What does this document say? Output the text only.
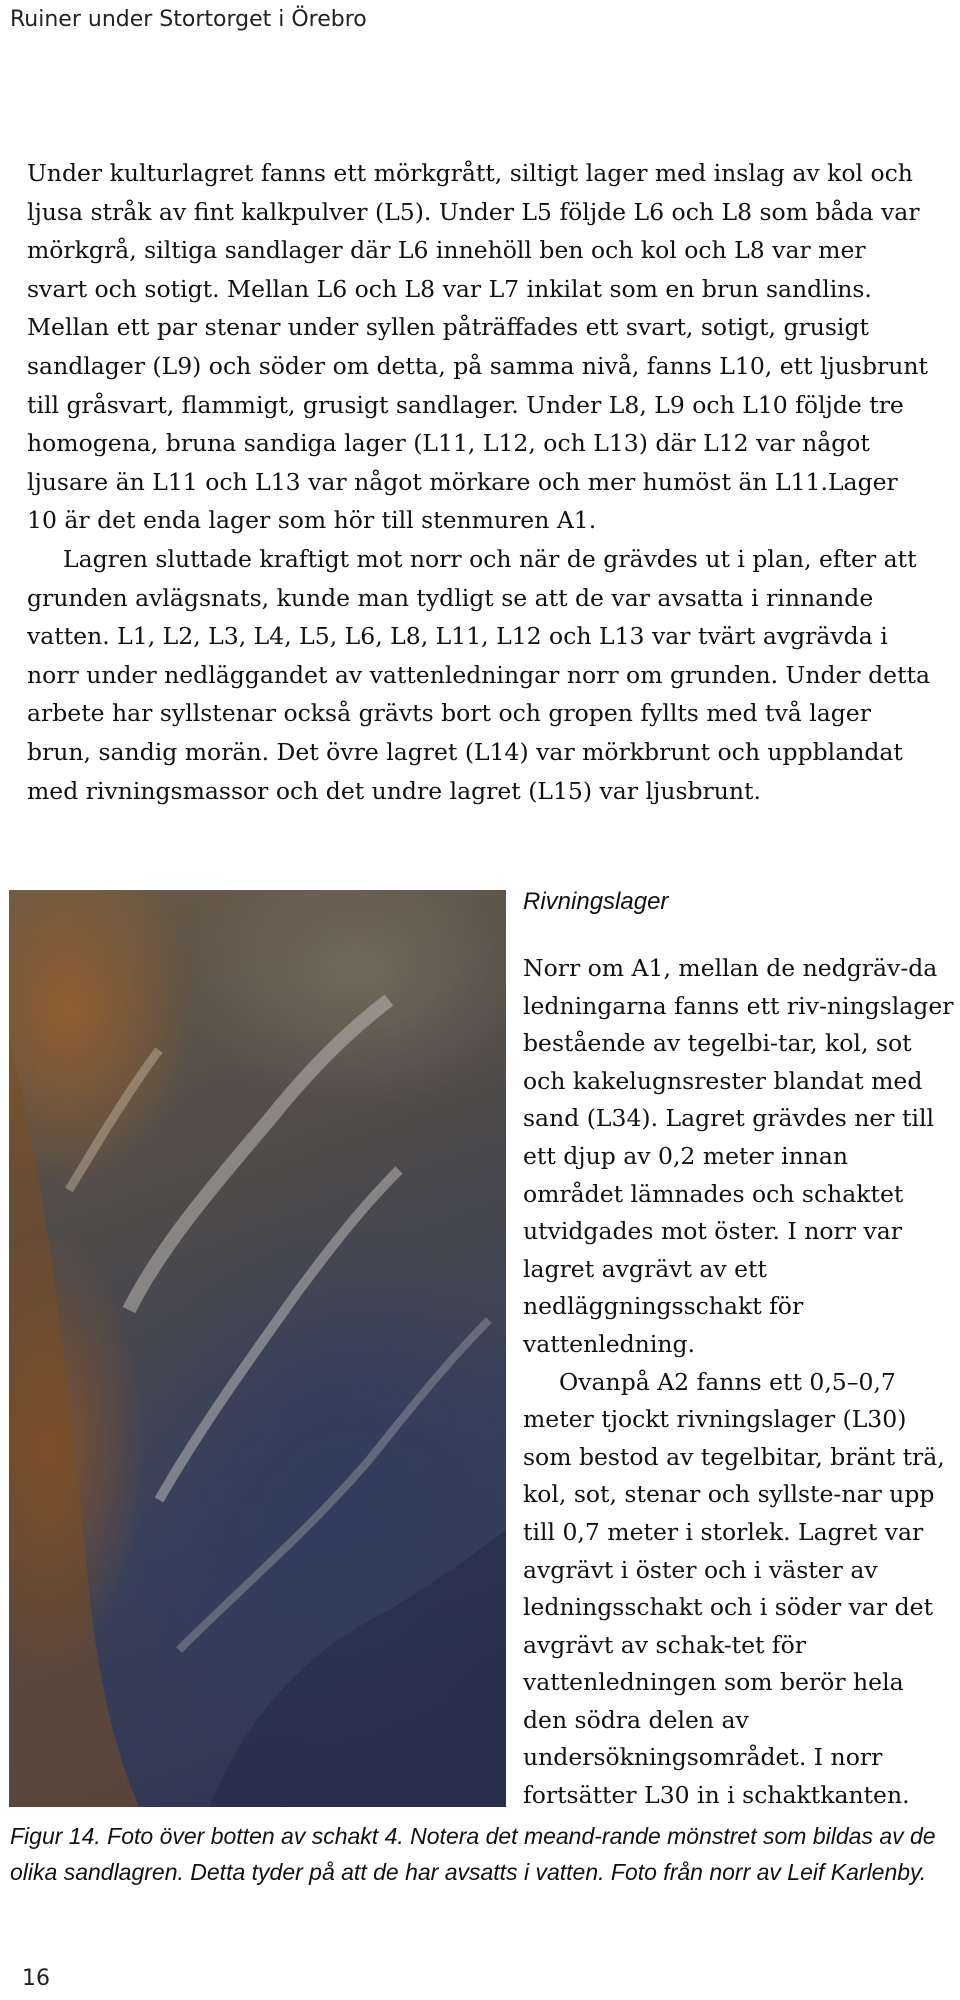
Ruiner under Stortorget i Örebro

Under kulturlagret fanns ett mörkgrått, siltigt lager med inslag av kol och ljusa stråk av fint kalkpulver (L5). Under L5 följde L6 och L8 som båda var mörkgrå, siltiga sandlager där L6 innehöll ben och kol och L8 var mer svart och sotigt. Mellan L6 och L8 var L7 inkilat som en brun sandlins. Mellan ett par stenar under syllen påträffades ett svart, sotigt, grusigt sandlager (L9) och söder om detta, på samma nivå, fanns L10, ett ljusbrunt till gråsvart, flammigt, grusigt sandlager. Under L8, L9 och L10 följde tre homogena, bruna sandiga lager (L11, L12, och L13) där L12 var något ljusare än L11 och L13 var något mörkare och mer humöst än L11.Lager 10 är det enda lager som hör till stenmuren A1.

Lagren sluttade kraftigt mot norr och när de grävdes ut i plan, efter att grunden avlägsnats, kunde man tydligt se att de var avsatta i rinnande vatten. L1, L2, L3, L4, L5, L6, L8, L11, L12 och L13 var tvärt avgrävda i norr under nedläggandet av vattenledningar norr om grunden. Under detta arbete har syllstenar också grävts bort och gropen fyllts med två lager brun, sandig morän. Det övre lagret (L14) var mörkbrunt och uppblandat med rivningsmassor och det undre lagret (L15) var ljusbrunt.

Rivningslager

Norr om A1, mellan de nedgräv-da ledningarna fanns ett riv-ningslager bestående av tegelbi-tar, kol, sot och kakelugnsrester blandat med sand (L34). Lagret grävdes ner till ett djup av 0,2 meter innan området lämnades och schaktet utvidgades mot öster. I norr var lagret avgrävt av ett nedläggningsschakt för vattenledning.

Ovanpå A2 fanns ett 0,5–0,7 meter tjockt rivningslager (L30) som bestod av tegelbitar, bränt trä, kol, sot, stenar och syllste-nar upp till 0,7 meter i storlek. Lagret var avgrävt i öster och i väster av ledningsschakt och i söder var det avgrävt av schak-tet för vattenledningen som berör hela den södra delen av undersökningsområdet. I norr fortsätter L30 in i schaktkanten.

Figur 14. Foto över botten av schakt 4. Notera det meand-rande mönstret som bildas av de olika sandlagren. Detta tyder på att de har avsatts i vatten. Foto från norr av Leif Karlenby.

16
